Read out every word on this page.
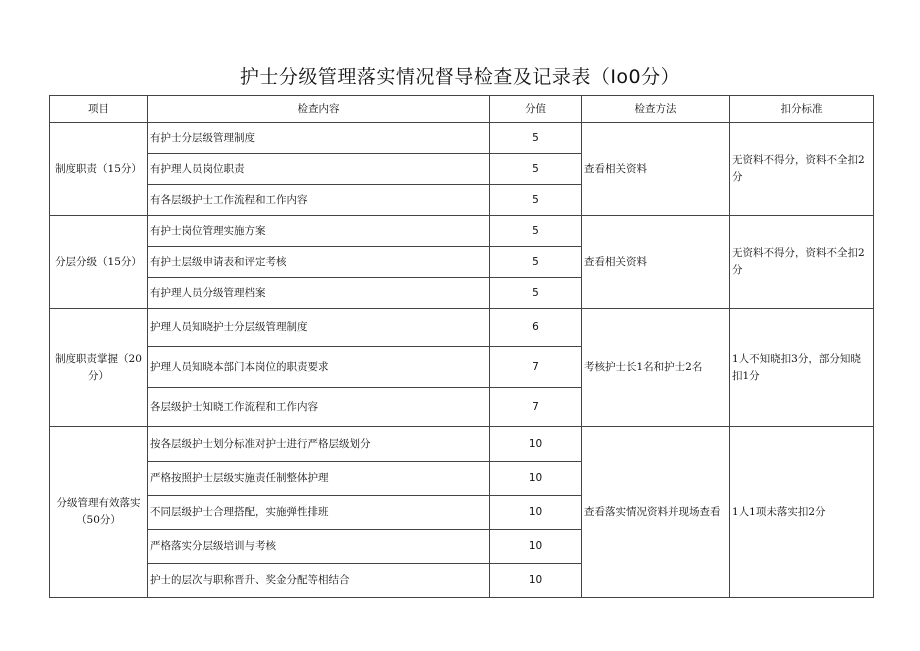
护士分级管理落实情况督导检查及记录表（Io0分）
项目	检查内容	分值	检查方法	扣分标准
制度职责（15分）	有护士分层级管理制度	5	查看相关资料	无资料不得分，资料不全扣2分
	有护理人员岗位职责	5		
	有各层级护士工作流程和工作内容	5		
分层分级（15分）	有护士岗位管理实施方案	5	查看相关资料	无资料不得分，资料不全扣2分
	有护士层级申请表和评定考核	5		
	有护理人员分级管理档案	5		
制度职责掌握（20分）	护理人员知晓护士分层级管理制度	6	考核护士长1名和护士2名	1人不知晓扣3分，部分知晓扣1分
	护理人员知晓本部门本岗位的职责要求	7		
	各层级护士知晓工作流程和工作内容	7		
分级管理有效落实（50分）	按各层级护士划分标准对护士进行严格层级划分	10	查看落实情况资料并现场查看	1人1项未落实扣2分
	严格按照护士层级实施责任制整体护理	10		
	不同层级护士合理搭配，实施弹性排班	10		
	严格落实分层级培训与考核	10		
	护士的层次与职称晋升、奖金分配等相结合	10		
